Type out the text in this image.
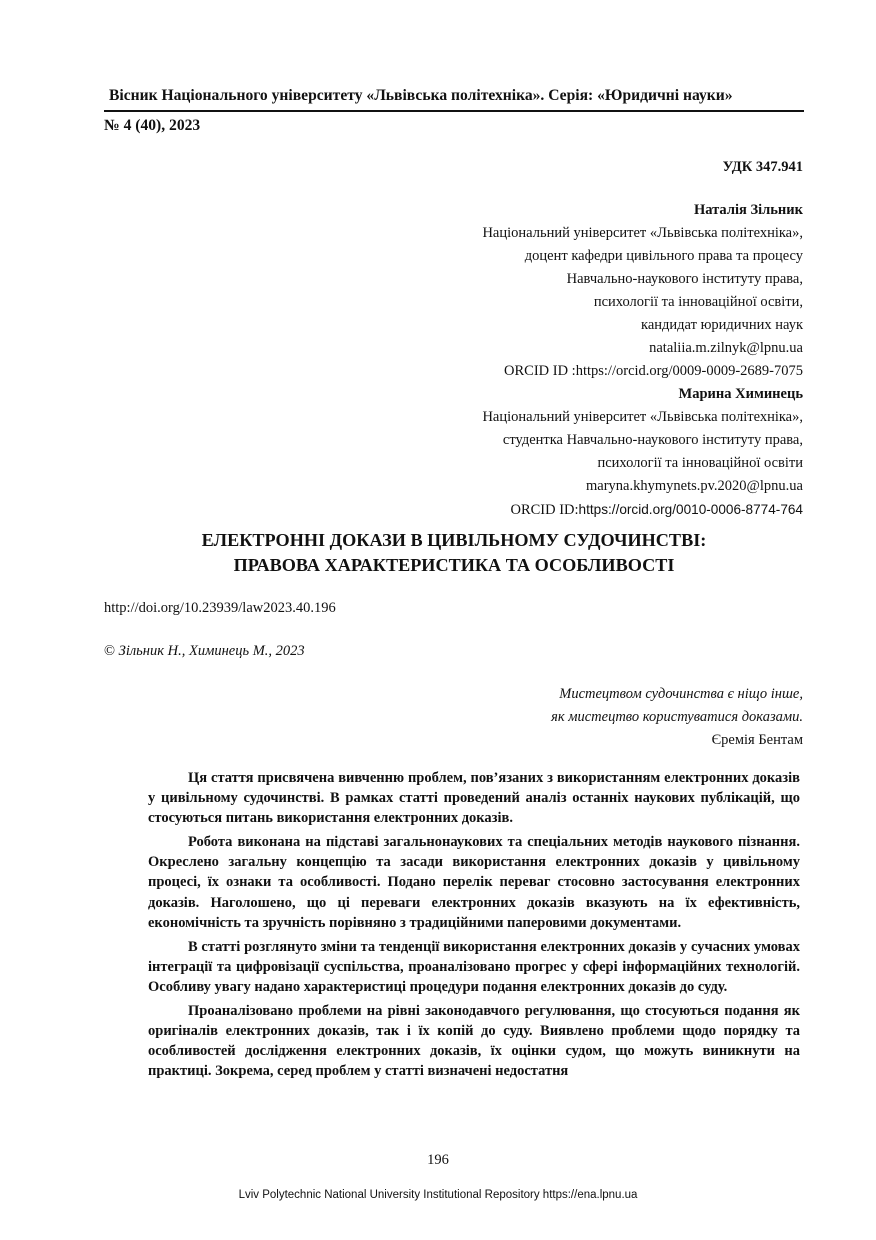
Вісник Національного університету «Львівська політехніка». Серія: «Юридичні науки»
№ 4 (40), 2023
УДК 347.941
Наталія Зільник
Національний університет «Львівська політехніка»,
доцент кафедри цивільного права та процесу
Навчально-наукового інституту права,
психології та інноваційної освіти,
кандидат юридичних наук
nataliia.m.zilnyk@lpnu.ua
ORCID ID :https://orcid.org/0009-0009-2689-7075
Марина Химинець
Національний університет «Львівська політехніка»,
студентка Навчально-наукового інституту права,
психології та інноваційної освіти
maryna.khymynets.pv.2020@lpnu.ua
ORCID ID:https://orcid.org/0010-0006-8774-764
ЕЛЕКТРОННІ ДОКАЗИ В ЦИВІЛЬНОМУ СУДОЧИНСТВІ:
ПРАВОВА ХАРАКТЕРИСТИКА ТА ОСОБЛИВОСТІ
http://doi.org/10.23939/law2023.40.196
© Зільник Н., Химинець М., 2023
Мистецтвом судочинства є ніщо інше,
як мистецтво користуватися доказами.
Єремія Бентам

Ця стаття присвячена вивченню проблем, пов’язаних з використанням електронних доказів у цивільному судочинстві. В рамках статті проведений аналіз останніх наукових публікацій, що стосуються питань використання електронних доказів.

Робота виконана на підставі загальнонаукових та спеціальних методів наукового пізнання. Окреслено загальну концепцію та засади використання електронних доказів у цивільному процесі, їх ознаки та особливості. Подано перелік переваг стосовно застосування електронних доказів. Наголошено, що ці переваги електронних доказів вказують на їх ефективність, економічність та зручність порівняно з традиційними паперовими документами.

В статті розглянуто зміни та тенденції використання електронних доказів у сучасних умовах інтеграції та цифровізації суспільства, проаналізовано прогрес у сфері інформаційних технологій. Особливу увагу надано характеристиці процедури подання електронних доказів до суду.

Проаналізовано проблеми на рівні законодавчого регулювання, що стосуються подання як оригіналів електронних доказів, так і їх копій до суду. Виявлено проблеми щодо порядку та особливостей дослідження електронних доказів, їх оцінки судом, що можуть виникнути на практиці. Зокрема, серед проблем у статті визначені недостатня

196
Lviv Polytechnic National University Institutional Repository https://ena.lpnu.ua
